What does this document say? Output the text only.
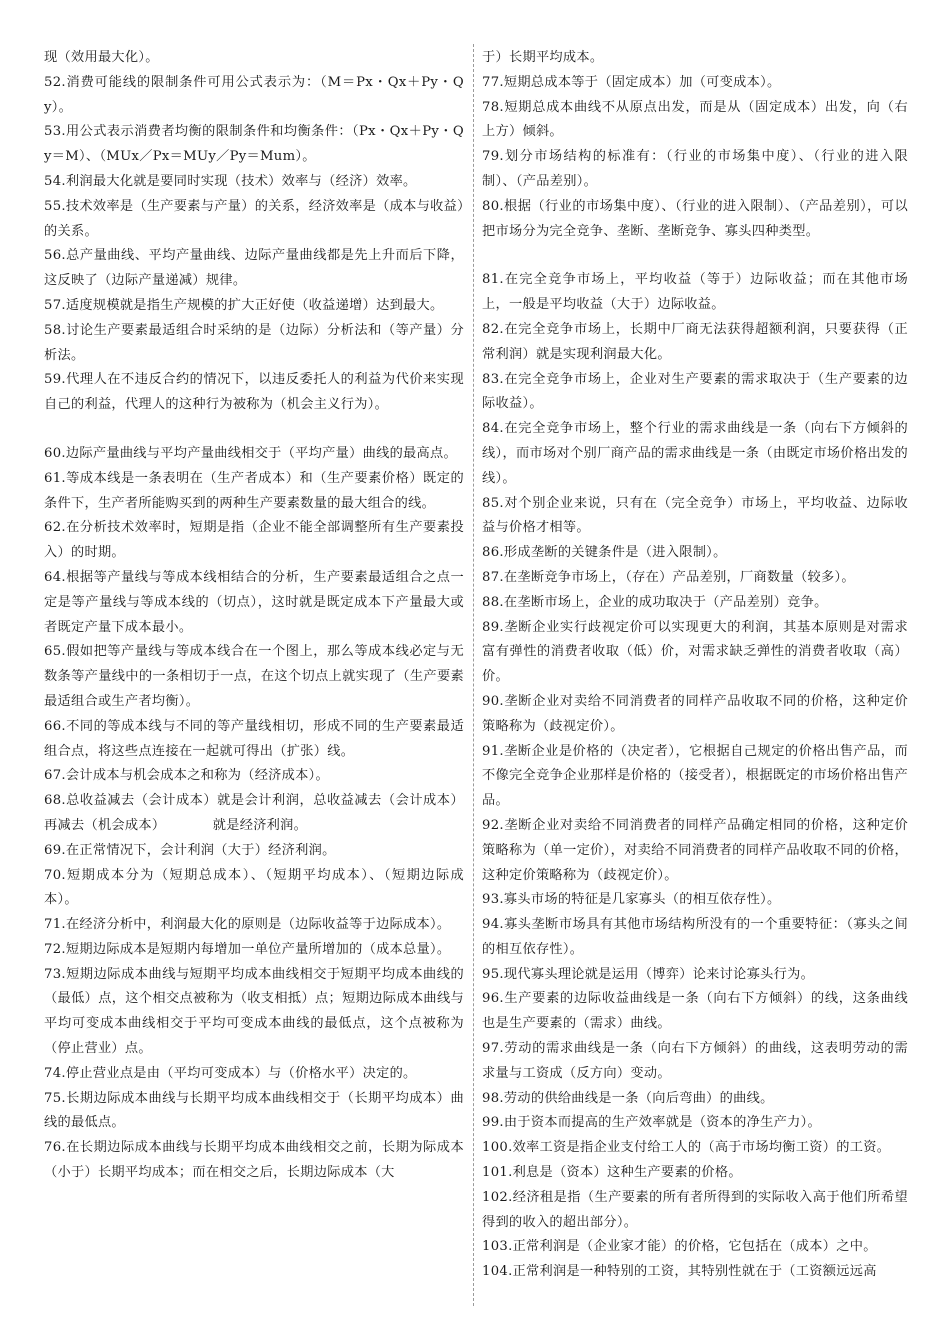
现（效用最大化）。

52.消费可能线的限制条件可用公式表示为：（M＝Px・Qx＋Py・Qy）。

53.用公式表示消费者均衡的限制条件和均衡条件：（Px・Qx＋Py・Qy＝M）、（MUx／Px＝MUy／Py＝Mum）。

54.利润最大化就是要同时实现（技术）效率与（经济）效率。

55.技术效率是（生产要素与产量）的关系，经济效率是（成本与收益）的关系。

56.总产量曲线、平均产量曲线、边际产量曲线都是先上升而后下降，这反映了（边际产量递减）规律。

57.适度规模就是指生产规模的扩大正好使（收益递增）达到最大。

58.讨论生产要素最适组合时采纳的是（边际）分析法和（等产量）分析法。

59.代理人在不违反合约的情况下，以违反委托人的利益为代价来实现自己的利益，代理人的这种行为被称为（机会主义行为）。

60.边际产量曲线与平均产量曲线相交于（平均产量）曲线的最高点。

61.等成本线是一条表明在（生产者成本）和（生产要素价格）既定的条件下，生产者所能购买到的两种生产要素数量的最大组合的线。

62.在分析技术效率时，短期是指（企业不能全部调整所有生产要素投入）的时期。

64.根据等产量线与等成本线相结合的分析，生产要素最适组合之点一定是等产量线与等成本线的（切点），这时就是既定成本下产量最大或者既定产量下成本最小。

65.假如把等产量线与等成本线合在一个图上，那么等成本线必定与无数条等产量线中的一条相切于一点，在这个切点上就实现了（生产要素最适组合或生产者均衡）。

66.不同的等成本线与不同的等产量线相切，形成不同的生产要素最适组合点，将这些点连接在一起就可得出（扩张）线。

67.会计成本与机会成本之和称为（经济成本）。

68.总收益减去（会计成本）就是会计利润，总收益减去（会计成本）再减去（机会成本）　　　　就是经济利润。

69.在正常情况下，会计利润（大于）经济利润。

70.短期成本分为（短期总成本）、（短期平均成本）、（短期边际成本）。

71.在经济分析中，利润最大化的原则是（边际收益等于边际成本）。

72.短期边际成本是短期内每增加一单位产量所增加的（成本总量）。

73.短期边际成本曲线与短期平均成本曲线相交于短期平均成本曲线的（最低）点，这个相交点被称为（收支相抵）点；短期边际成本曲线与平均可变成本曲线相交于平均可变成本曲线的最低点，这个点被称为（停止营业）点。

74.停止营业点是由（平均可变成本）与（价格水平）决定的。

75.长期边际成本曲线与长期平均成本曲线相交于（长期平均成本）曲线的最低点。

76.在长期边际成本曲线与长期平均成本曲线相交之前，长期为际成本（小于）长期平均成本；而在相交之后，长期边际成本（大

于）长期平均成本。

77.短期总成本等于（固定成本）加（可变成本）。

78.短期总成本曲线不从原点出发，而是从（固定成本）出发，向（右上方）倾斜。

79.划分市场结构的标准有：（行业的市场集中度）、（行业的进入限制）、（产品差别）。

80.根据（行业的市场集中度）、（行业的进入限制）、（产品差别），可以把市场分为完全竞争、垄断、垄断竞争、寡头四种类型。

81.在完全竞争市场上，平均收益（等于）边际收益；而在其他市场上，一般是平均收益（大于）边际收益。

82.在完全竞争市场上，长期中厂商无法获得超额利润，只要获得（正常利润）就是实现利润最大化。

83.在完全竞争市场上，企业对生产要素的需求取决于（生产要素的边际收益）。

84.在完全竞争市场上，整个行业的需求曲线是一条（向右下方倾斜的线），而市场对个别厂商产品的需求曲线是一条（由既定市场价格出发的线）。

85.对个别企业来说，只有在（完全竞争）市场上，平均收益、边际收益与价格才相等。

86.形成垄断的关键条件是（进入限制）。

87.在垄断竞争市场上，（存在）产品差别，厂商数量（较多）。

88.在垄断市场上，企业的成功取决于（产品差别）竞争。

89.垄断企业实行歧视定价可以实现更大的利润，其基本原则是对需求富有弹性的消费者收取（低）价，对需求缺乏弹性的消费者收取（高）价。

90.垄断企业对卖给不同消费者的同样产品收取不同的价格，这种定价策略称为（歧视定价）。

91.垄断企业是价格的（决定者），它根据自己规定的价格出售产品，而不像完全竞争企业那样是价格的（接受者），根据既定的市场价格出售产品。

92.垄断企业对卖给不同消费者的同样产品确定相同的价格，这种定价策略称为（单一定价），对卖给不同消费者的同样产品收取不同的价格，这种定价策略称为（歧视定价）。

93.寡头市场的特征是几家寡头（的相互依存性）。

94.寡头垄断市场具有其他市场结构所没有的一个重要特征：（寡头之间的相互依存性）。

95.现代寡头理论就是运用（博弈）论来讨论寡头行为。

96.生产要素的边际收益曲线是一条（向右下方倾斜）的线，这条曲线也是生产要素的（需求）曲线。

97.劳动的需求曲线是一条（向右下方倾斜）的曲线，这表明劳动的需求量与工资成（反方向）变动。

98.劳动的供给曲线是一条（向后弯曲）的曲线。

99.由于资本而提高的生产效率就是（资本的净生产力）。

100.效率工资是指企业支付给工人的（高于市场均衡工资）的工资。

101.利息是（资本）这种生产要素的价格。

102.经济租是指（生产要素的所有者所得到的实际收入高于他们所希望得到的收入的超出部分）。

103.正常利润是（企业家才能）的价格，它包括在（成本）之中。

104.正常利润是一种特别的工资，其特别性就在于（工资额远远高
